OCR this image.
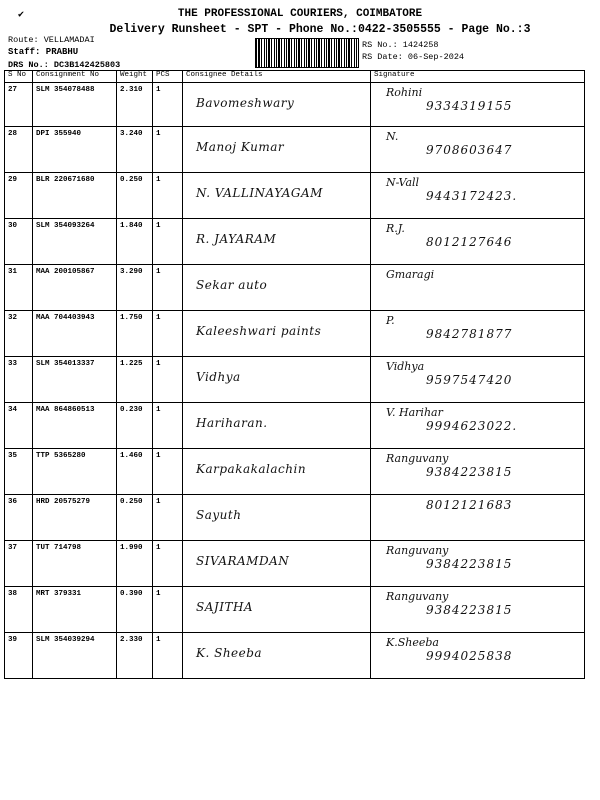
✔	THE PROFESSIONAL COURIERS, COIMBATORE
Delivery Runsheet - SPT - Phone No.:0422-3505555 - Page No.:3
Route: VELLAMADAI
Staff: PRABHU
DRS No.: DC3B142425803
RS No.: 1424258
RS Date: 06-Sep-2024
S No	Consignment No	Weight	PCS	Consignee Details	Signature
27	SLM 354078488	2.310	1	Bavomeshwary	Rohini
9334319155

28	DPI 355940	3.240	1	Manoj Kumar	N.
9708603647

29	BLR 220671680	0.250	1	N. VALLINAYAGAM	N-Vall
9443172423.

30	SLM 354093264	1.840	1	R. JAYARAM	R.J.
8012127646

31	MAA 200105867	3.290	1	Sekar auto	Gmaragi

32	MAA 704403943	1.750	1	Kaleeshwari paints	P.
9842781877

33	SLM 354013337	1.225	1	Vidhya	Vidhya
9597547420

34	MAA 864860513	0.230	1	Hariharan.	V. Harihar
9994623022.

35	TTP 5365280	1.460	1	Karpakakalachin	Ranguvany
9384223815

36	HRD 20575279	0.250	1	Sayuth	8012121683

37	TUT 714798	1.990	1	SIVARAMDAN	Ranguvany
9384223815

38	MRT 379331	0.390	1	SAJITHA	Ranguvany
9384223815

39	SLM 354039294	2.330	1	K. Sheeba	K.Sheeba
9994025838
